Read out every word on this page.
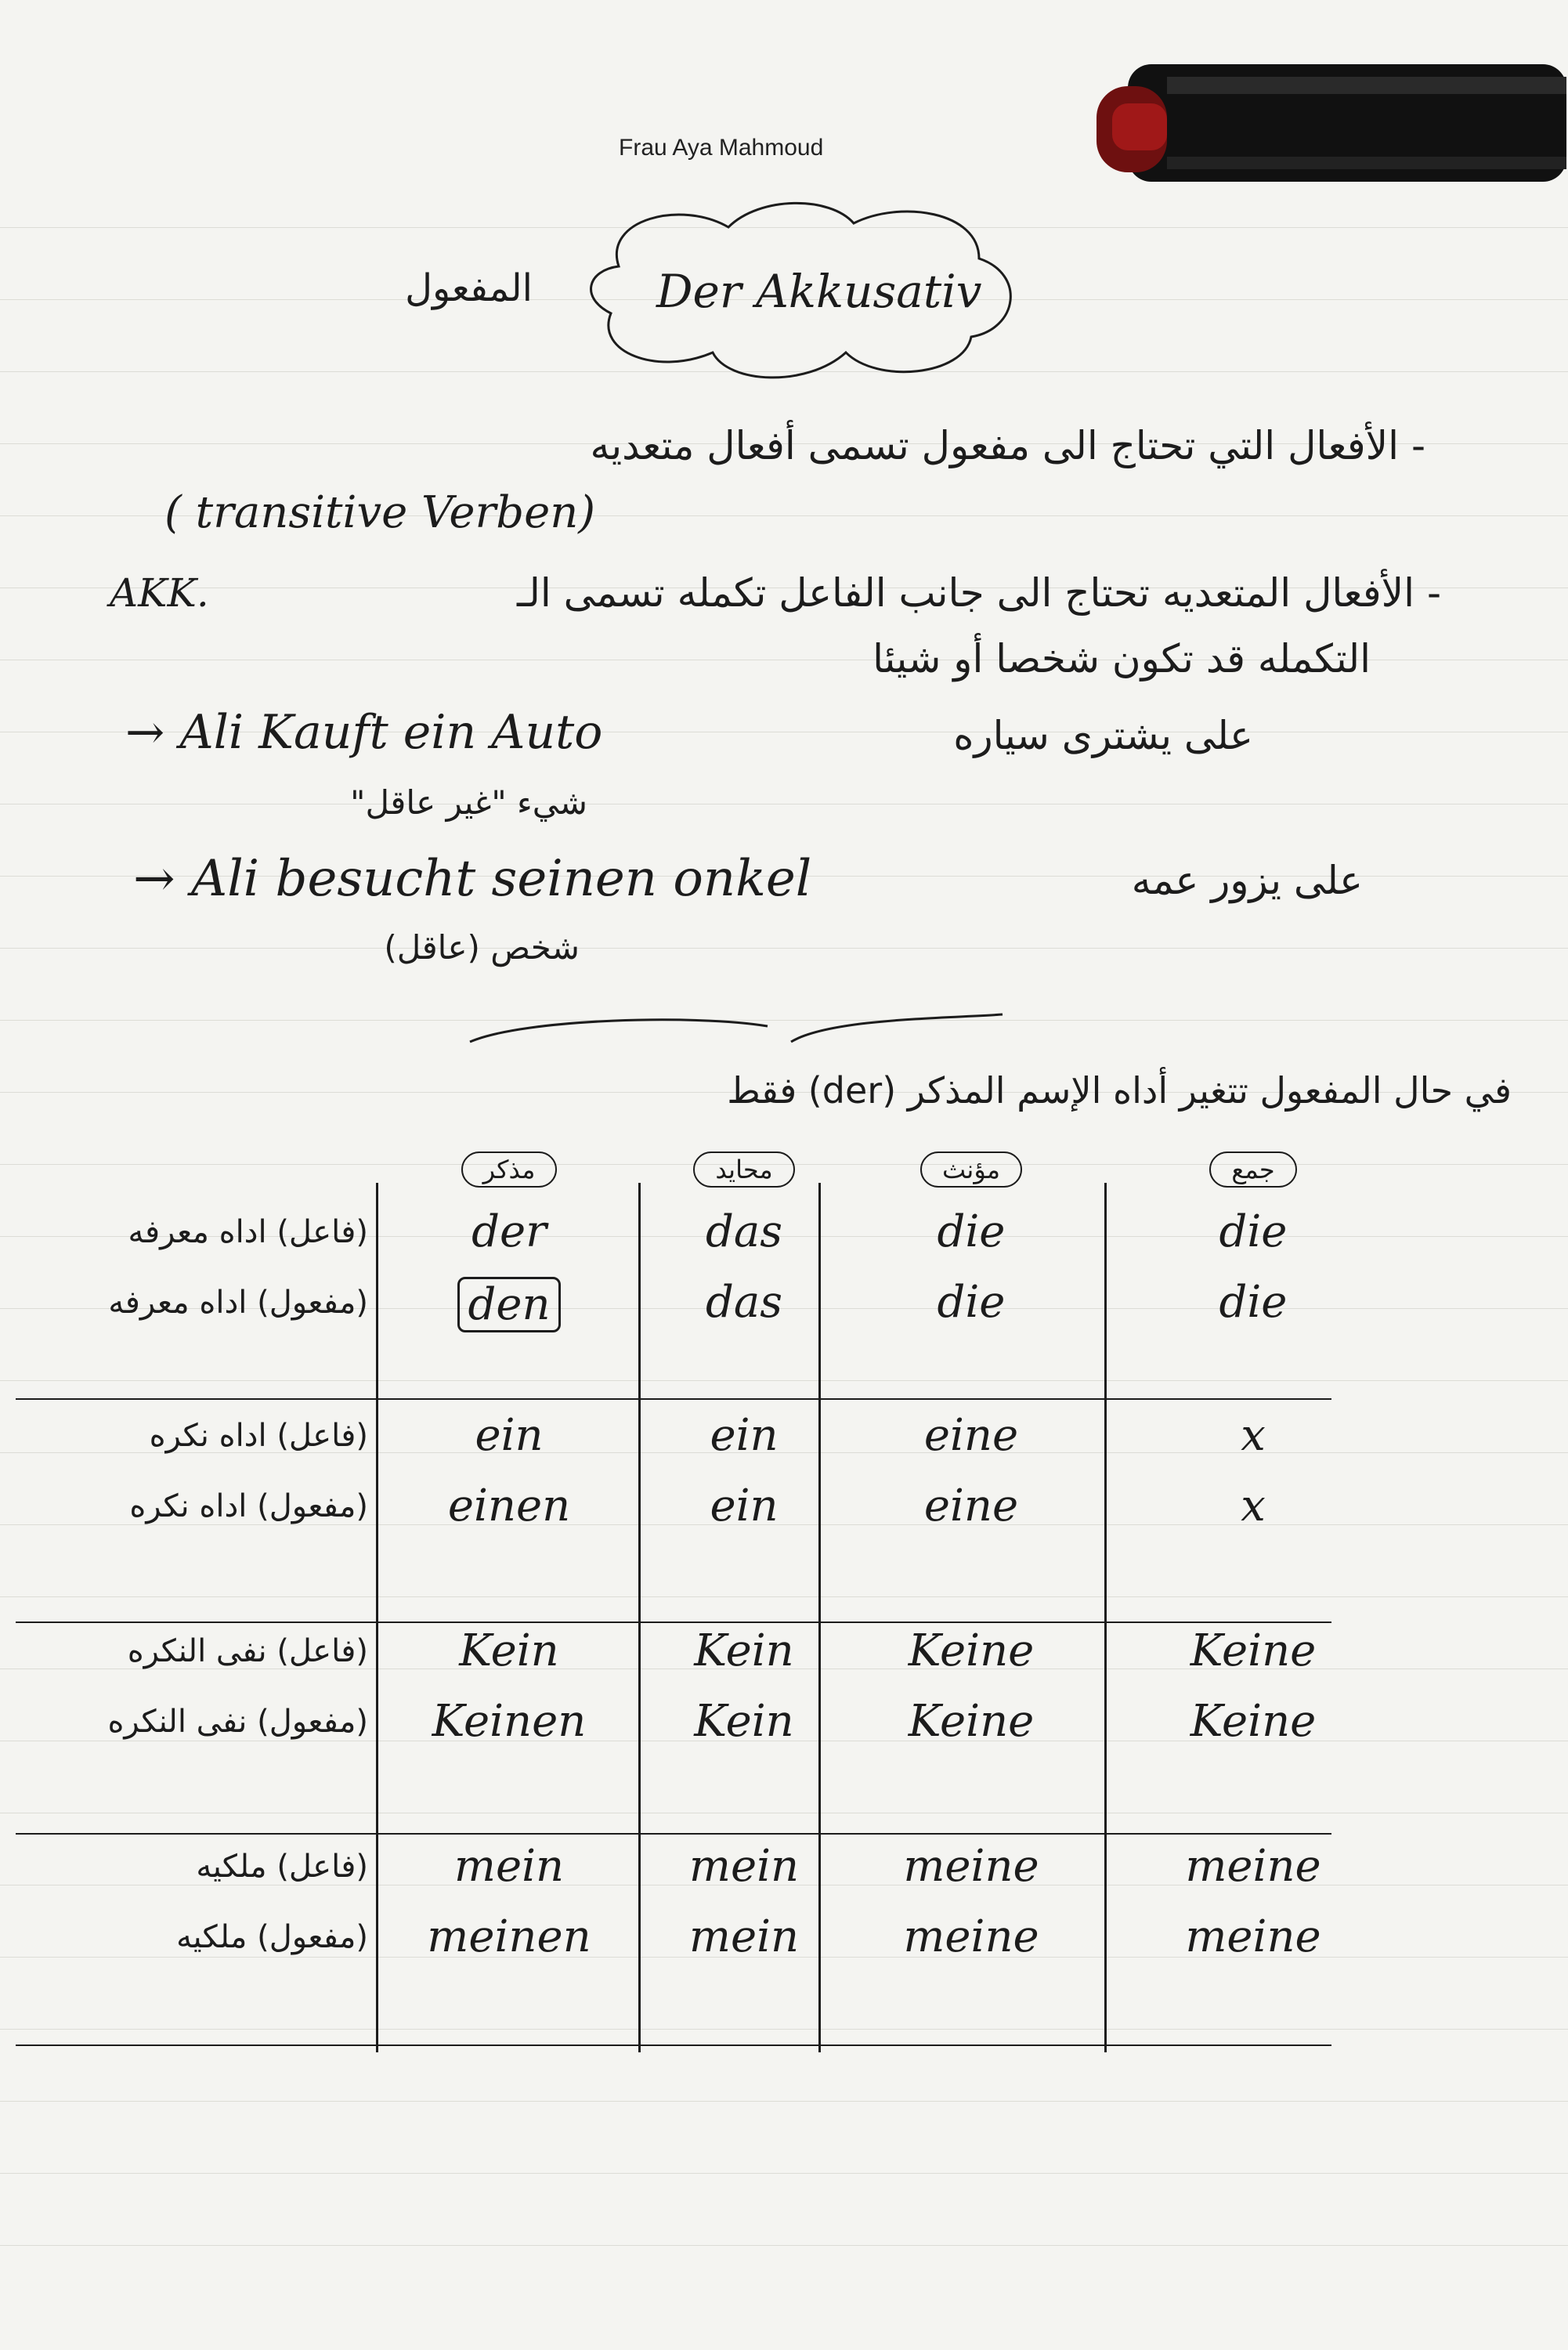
Frau Aya Mahmoud
المفعول	Der Akkusativ
- الأفعال التي تحتاج الى مفعول تسمى أفعال متعديه
( transitive Verben)
AKK.	- الأفعال المتعديه تحتاج الى جانب الفاعل تكمله تسمى الـ
التكمله قد تكون شخصا أو شيئا
→ Ali Kauft ein Auto	على يشترى سياره
شيء "غير عاقل"
→ Ali besucht seinen onkel	على يزور عمه
شخص (عاقل)
في حال المفعول تتغير أداه الإسم المذكر (der) فقط
مذكر	محايد	مؤنث	جمع
(فاعل) اداه معرفه	der	das	die	die
(مفعول) اداه معرفه	den	das	die	die
(فاعل) اداه نكره	ein	ein	eine	x
(مفعول) اداه نكره	einen	ein	eine	x
(فاعل) نفى النكره	Kein	Kein	Keine	Keine
(مفعول) نفى النكره	Keinen	Kein	Keine	Keine
(فاعل) ملكيه	mein	mein	meine	meine
(مفعول) ملكيه	meinen	mein	meine	meine
